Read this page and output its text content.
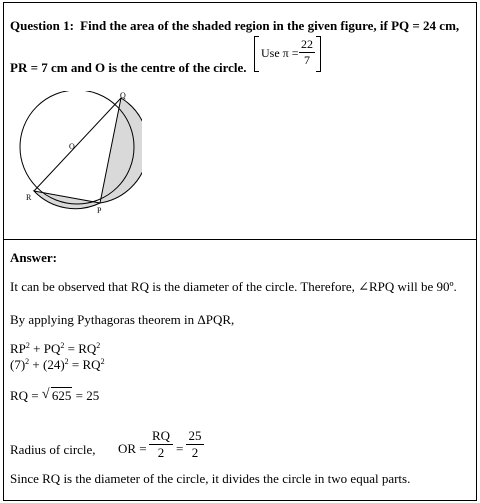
Question 1: Find the area of the shaded region in the given figure, if PQ = 24 cm,
PR = 7 cm and O is the centre of the circle.
Use $\pi = \frac{22}{7}$
Q
O
R
P
Answer:
It can be observed that RQ is the diameter of the circle. Therefore, ∠RPQ will be 90º.
By applying Pythagoras theorem in ΔPQR,
$RP^2 + PQ^2 = RQ^2$
$(7)^2 + (24)^2 = RQ^2$
RQ = √ 625 = 25
Radius of circle, OR = $\frac{RQ}{2} = \frac{25}{2}$
Since RQ is the diameter of the circle, it divides the circle in two equal parts.
